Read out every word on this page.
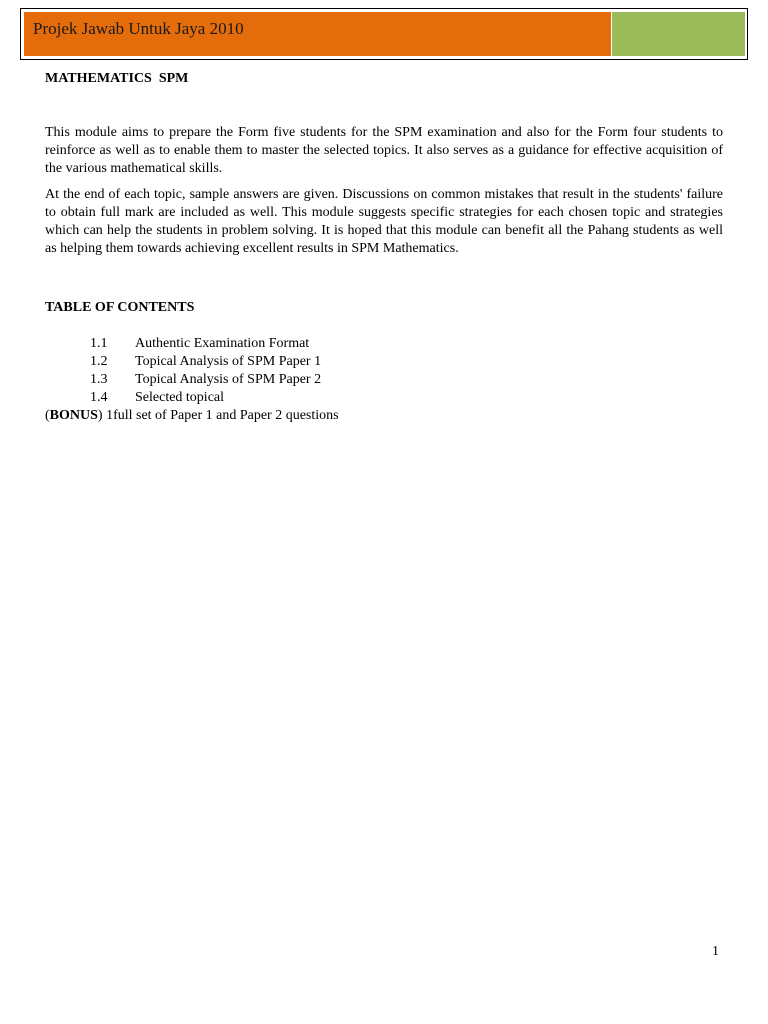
Projek Jawab Untuk Jaya 2010
MATHEMATICS  SPM

This module aims to prepare the Form five students for the SPM examination and also for the Form four students to reinforce as well as to enable them to master the selected topics. It also serves as a guidance for effective acquisition of the various mathematical skills.

At the end of each topic, sample answers are given. Discussions on common mistakes that result in the students' failure to obtain full mark are included as well. This module suggests specific strategies for each chosen topic and strategies which can help the students in problem solving. It is hoped that this module can benefit all the Pahang students as well as helping them towards achieving excellent results in SPM Mathematics.

TABLE OF CONTENTS
1.1	Authentic Examination Format
1.2	Topical Analysis of SPM Paper 1
1.3	Topical Analysis of SPM Paper 2
1.4	Selected topical
(BONUS) 1full set of Paper 1 and Paper 2 questions
1
